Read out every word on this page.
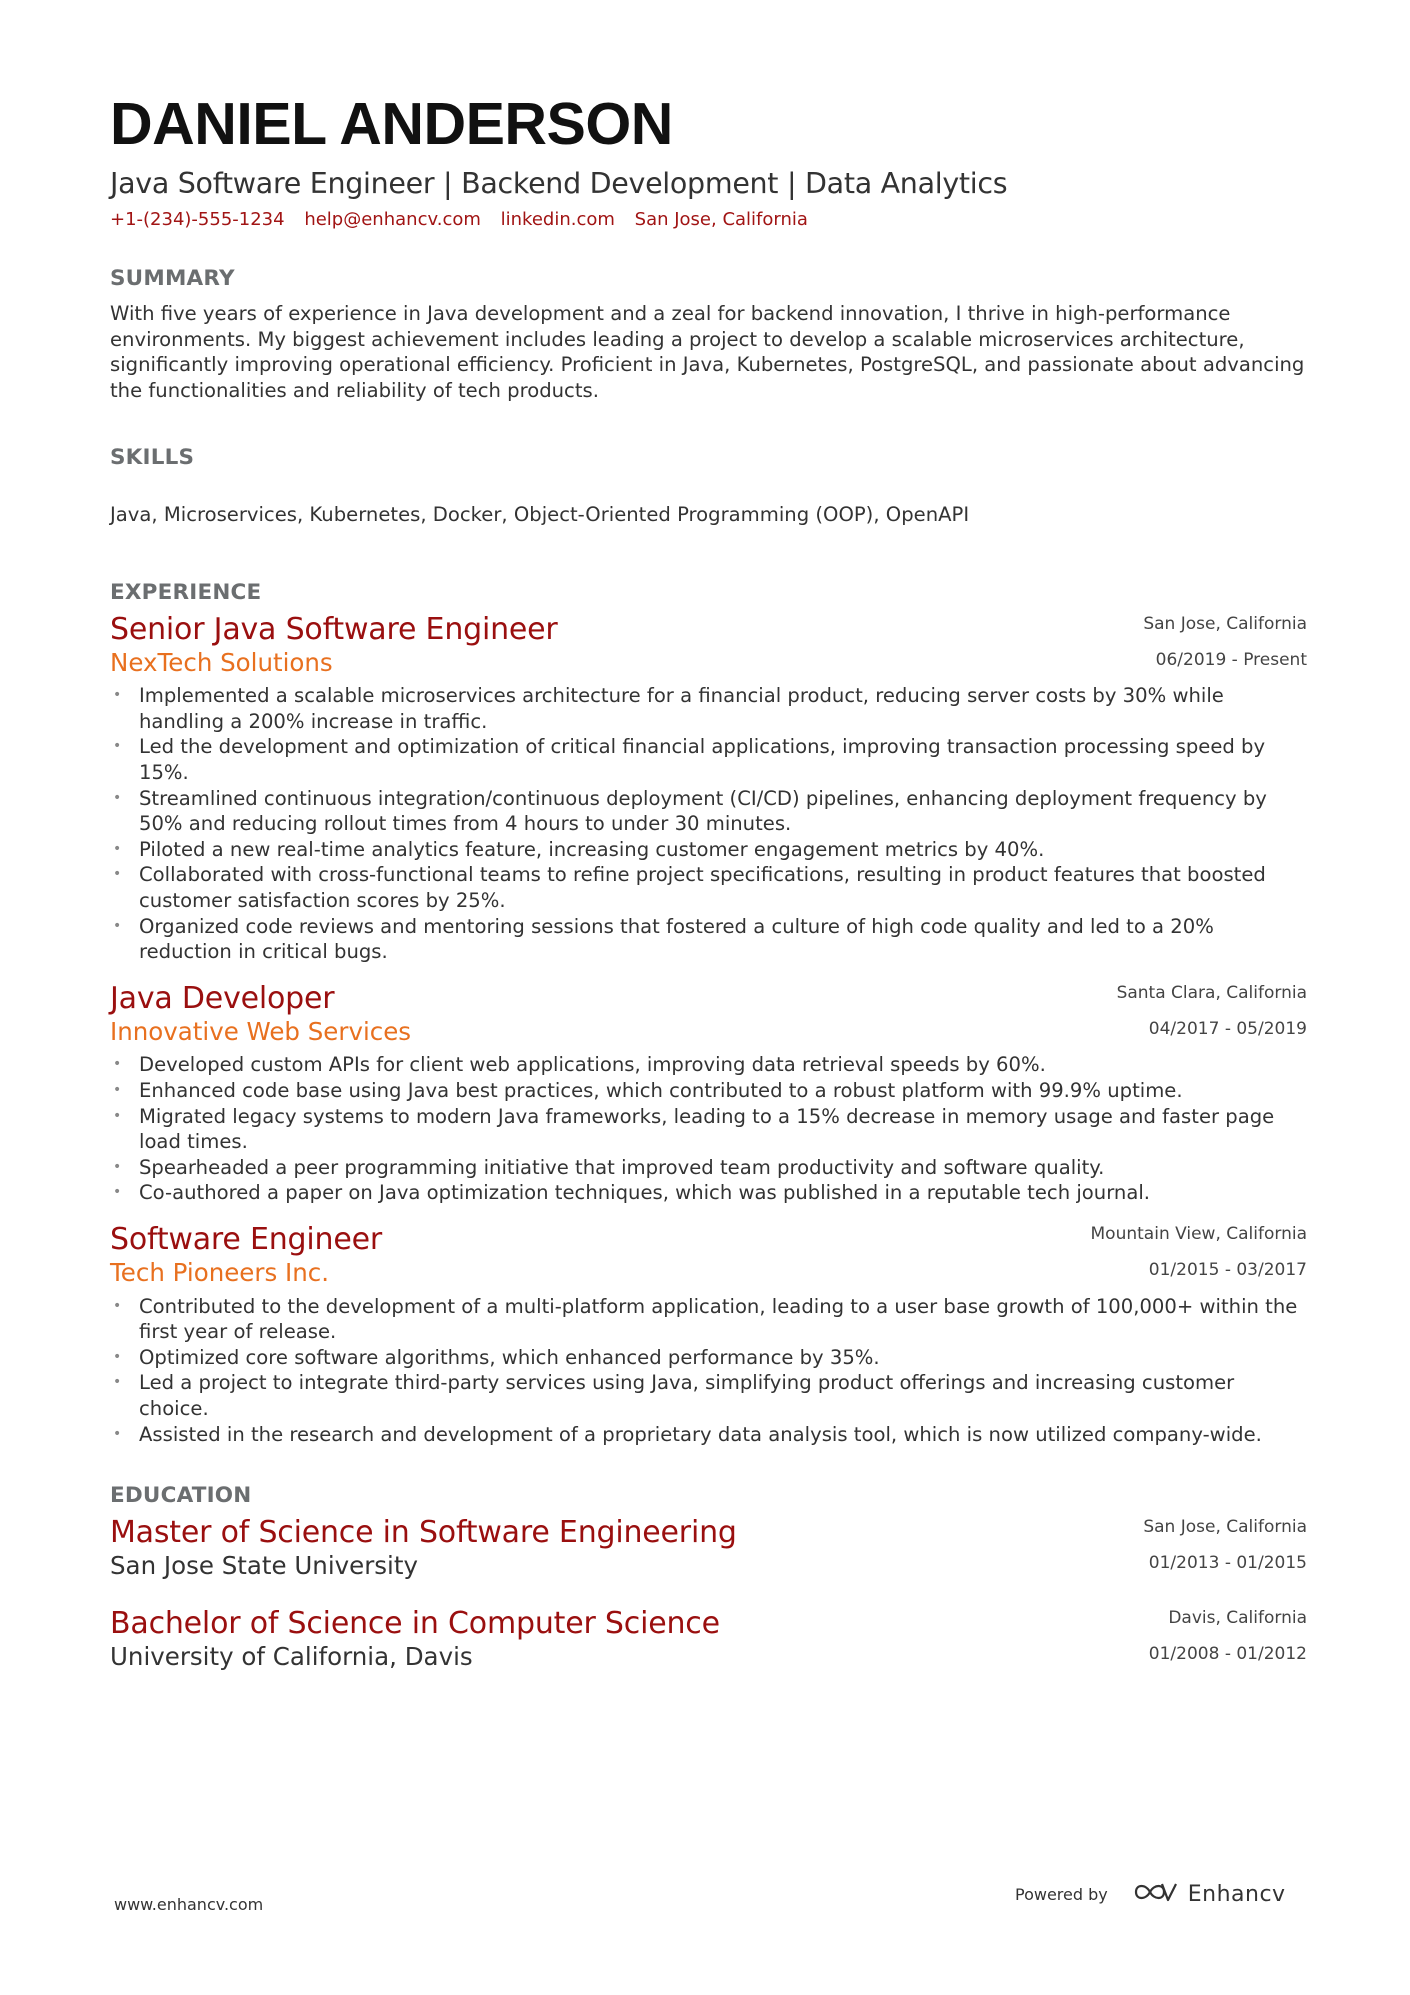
DANIEL ANDERSON
Java Software Engineer | Backend Development | Data Analytics
+1-(234)-555-1234 help@enhancv.com linkedin.com San Jose, California
SUMMARY
With five years of experience in Java development and a zeal for backend innovation, I thrive in high-performance environments. My biggest achievement includes leading a project to develop a scalable microservices architecture, significantly improving operational efficiency. Proficient in Java, Kubernetes, PostgreSQL, and passionate about advancing the functionalities and reliability of tech products.
SKILLS
Java, Microservices, Kubernetes, Docker, Object-Oriented Programming (OOP), OpenAPI
EXPERIENCE
Senior Java Software Engineer
NexTech Solutions
San Jose, California
06/2019 - Present
• Implemented a scalable microservices architecture for a financial product, reducing server costs by 30% while handling a 200% increase in traffic.
• Led the development and optimization of critical financial applications, improving transaction processing speed by 15%.
• Streamlined continuous integration/continuous deployment (CI/CD) pipelines, enhancing deployment frequency by 50% and reducing rollout times from 4 hours to under 30 minutes.
• Piloted a new real-time analytics feature, increasing customer engagement metrics by 40%.
• Collaborated with cross-functional teams to refine project specifications, resulting in product features that boosted customer satisfaction scores by 25%.
• Organized code reviews and mentoring sessions that fostered a culture of high code quality and led to a 20% reduction in critical bugs.
Java Developer
Innovative Web Services
Santa Clara, California
04/2017 - 05/2019
• Developed custom APIs for client web applications, improving data retrieval speeds by 60%.
• Enhanced code base using Java best practices, which contributed to a robust platform with 99.9% uptime.
• Migrated legacy systems to modern Java frameworks, leading to a 15% decrease in memory usage and faster page load times.
• Spearheaded a peer programming initiative that improved team productivity and software quality.
• Co-authored a paper on Java optimization techniques, which was published in a reputable tech journal.
Software Engineer
Tech Pioneers Inc.
Mountain View, California
01/2015 - 03/2017
• Contributed to the development of a multi-platform application, leading to a user base growth of 100,000+ within the first year of release.
• Optimized core software algorithms, which enhanced performance by 35%.
• Led a project to integrate third-party services using Java, simplifying product offerings and increasing customer choice.
• Assisted in the research and development of a proprietary data analysis tool, which is now utilized company-wide.
EDUCATION
Master of Science in Software Engineering
San Jose State University
San Jose, California
01/2013 - 01/2015
Bachelor of Science in Computer Science
University of California, Davis
Davis, California
01/2008 - 01/2012
www.enhancv.com
Powered by	Enhancv
